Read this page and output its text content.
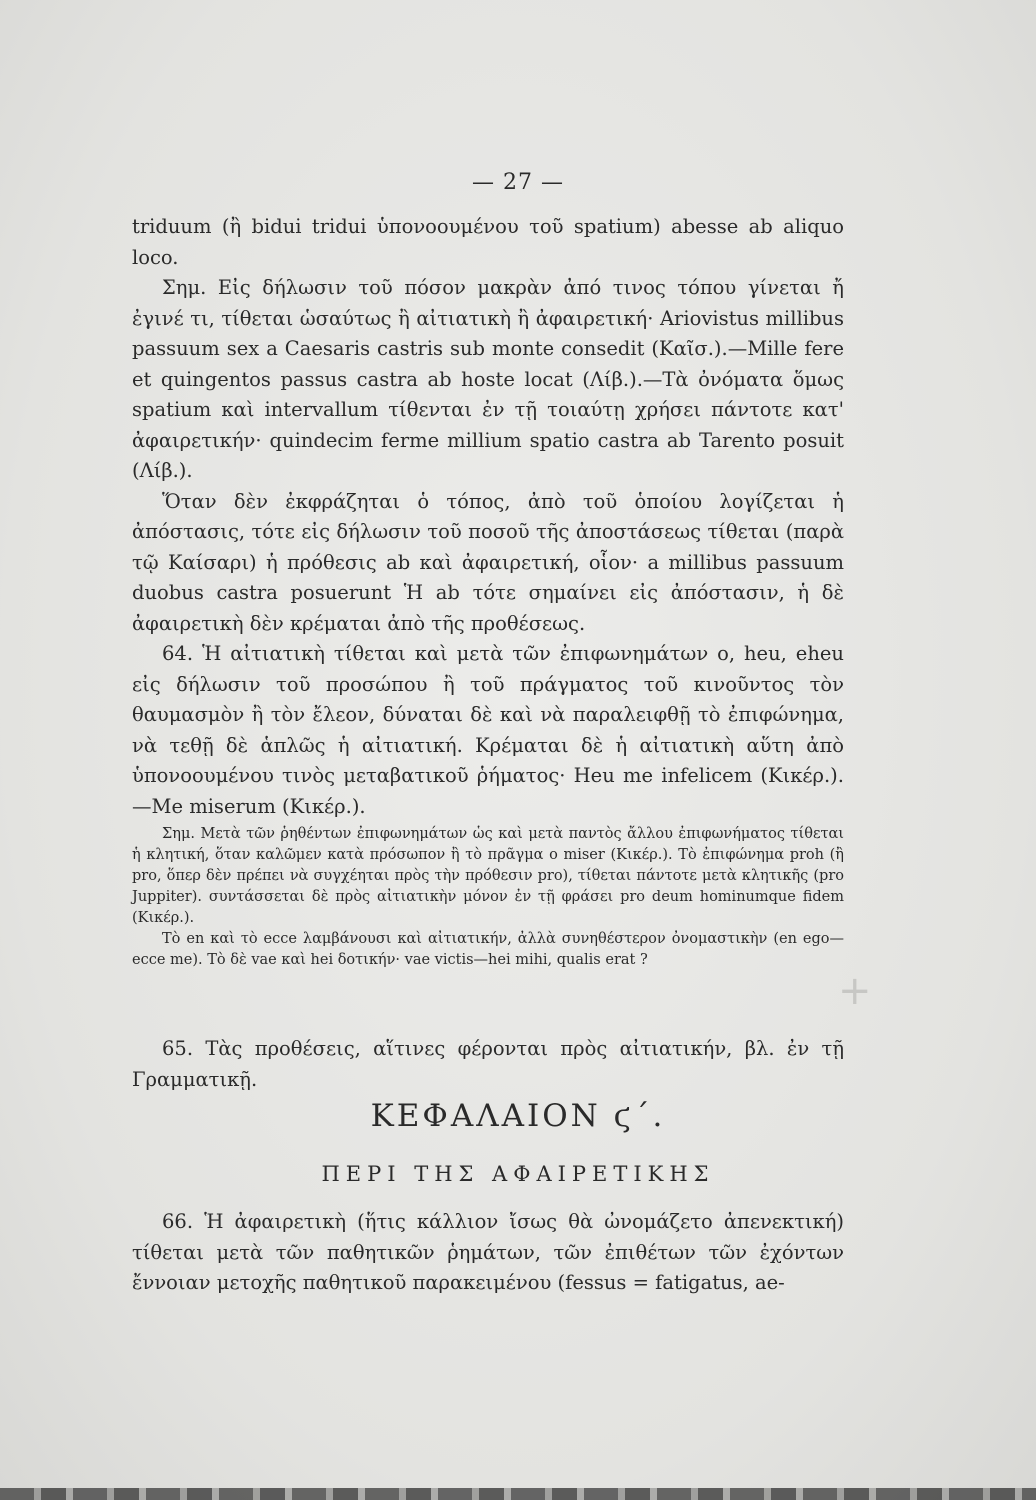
— 27 —

triduum (ἢ bidui tridui ὑπονοουμένου τοῦ spatium) abesse ab aliquo loco.

Σημ. Εἰς δήλωσιν τοῦ πόσον μακρὰν ἀπό τινος τόπου γίνεται ἤ ἐγινέ τι, τίθεται ὡσαύτως ἢ αἰτιατικὴ ἢ ἀφαιρετική· Ariovistus millibus passuum sex a Caesaris castris sub monte consedit (Καῖσ.).—Mille fere et quingentos passus castra ab hoste locat (Λίβ.).—Τὰ ὀνόματα ὅμως spatium καὶ intervallum τίθενται ἐν τῇ τοιαύτῃ χρήσει πάντοτε κατ' ἀφαιρετικήν· quindecim ferme millium spatio castra ab Tarento posuit (Λίβ.).

Ὅταν δὲν ἐκφράζηται ὁ τόπος, ἀπὸ τοῦ ὁποίου λογίζεται ἡ ἀπόστασις, τότε εἰς δήλωσιν τοῦ ποσοῦ τῆς ἀποστάσεως τίθεται (παρὰ τῷ Καίσαρι) ἡ πρόθεσις ab καὶ ἀφαιρετική, οἷον· a millibus passuum duobus castra posuerunt Ἡ ab τότε σημαίνει εἰς ἀπόστασιν, ἡ δὲ ἀφαιρετικὴ δὲν κρέμαται ἀπὸ τῆς προθέσεως.

64. Ἡ αἰτιατικὴ τίθεται καὶ μετὰ τῶν ἐπιφωνημάτων o, heu, eheu εἰς δήλωσιν τοῦ προσώπου ἢ τοῦ πράγματος τοῦ κινοῦντος τὸν θαυμασμὸν ἢ τὸν ἔλεον, δύναται δὲ καὶ νὰ παραλειφθῇ τὸ ἐπιφώνημα, νὰ τεθῇ δὲ ἁπλῶς ἡ αἰτιατική. Κρέμαται δὲ ἡ αἰτιατικὴ αὕτη ἀπὸ ὑπονοουμένου τινὸς μεταβατικοῦ ῥήματος· Heu me infelicem (Κικέρ.).—Me miserum (Κικέρ.).

Σημ. Μετὰ τῶν ῥηθέντων ἐπιφωνημάτων ὡς καὶ μετὰ παντὸς ἄλλου ἐπιφωνήματος τίθεται ἡ κλητική, ὅταν καλῶμεν κατὰ πρόσωπον ἢ τὸ πρᾶγμα o miser (Κικέρ.). Τὸ ἐπιφώνημα proh (ἢ pro, ὅπερ δὲν πρέπει νὰ συγχέηται πρὸς τὴν πρόθεσιν pro), τίθεται πάντοτε μετὰ κλητικῆς (pro Juppiter). συντάσσεται δὲ πρὸς αἰτιατικὴν μόνον ἐν τῇ φράσει pro deum hominumque fidem (Κικέρ.).

Τὸ en καὶ τὸ ecce λαμβάνουσι καὶ αἰτιατικήν, ἀλλὰ συνηθέστερον ὀνομαστικὴν (en ego—ecce me). Τὸ δὲ vae καὶ hei δοτικήν· vae victis—hei mihi, qualis erat ?

+

65. Τὰς προθέσεις, αἵτινες φέρονται πρὸς αἰτιατικήν, βλ. ἐν τῇ Γραμματικῇ.

ΚΕΦΑΛΑΙΟΝ ϛ΄.
ΠΕΡΙ ΤΗΣ ΑΦΑΙΡΕΤΙΚΗΣ

66. Ἡ ἀφαιρετικὴ (ἥτις κάλλιον ἴσως θὰ ὠνομάζετο ἀπενεκτική) τίθεται μετὰ τῶν παθητικῶν ῥημάτων, τῶν ἐπιθέτων τῶν ἐχόντων ἔννοιαν μετοχῆς παθητικοῦ παρακειμένου (fessus = fatigatus, ae-
